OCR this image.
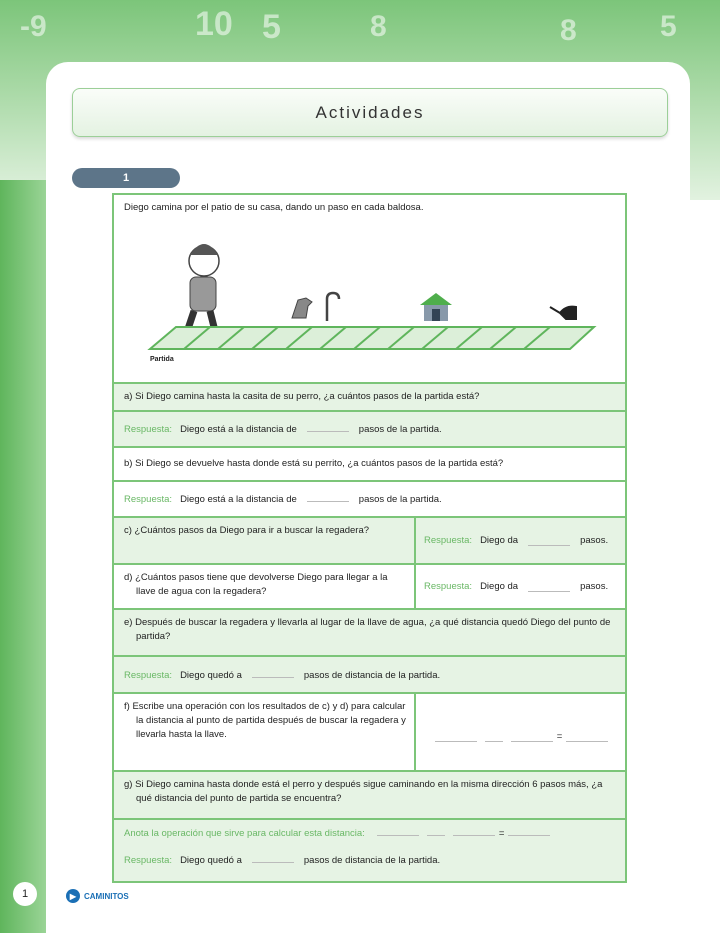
-9	10 5	8	8	5
Actividades
1
Diego camina por el patio de su casa, dando un paso en cada baldosa.
Partida
a) Si Diego camina hasta la casita de su perro, ¿a cuántos pasos de la partida está?
Respuesta: Diego está a la distancia de	pasos de la partida.
b) Si Diego se devuelve hasta donde está su perrito, ¿a cuántos pasos de la partida está?
Respuesta: Diego está a la distancia de	pasos de la partida.
c) ¿Cuántos pasos da Diego para ir a buscar la regadera?
Respuesta: Diego da	pasos.
d) ¿Cuántos pasos tiene que devolverse Diego para llegar a la llave de agua con la regadera?	Respuesta: Diego da	pasos.
e) Después de buscar la regadera y llevarla al lugar de la llave de agua, ¿a qué distancia quedó Diego del punto de partida?
Respuesta: Diego quedó a	pasos de distancia de la partida.
f) Escribe una operación con los resultados de c) y d) para calcular la distancia al punto de partida después de buscar la regadera y llevarla hasta la llave.	=
g) Si Diego camina hasta donde está el perro y después sigue caminando en la misma dirección 6 pasos más, ¿a qué distancia del punto de partida se encuentra?
Anota la operación que sirve para calcular esta distancia:	=
Respuesta: Diego quedó a	pasos de distancia de la partida.
1	▶ CAMINITOS
